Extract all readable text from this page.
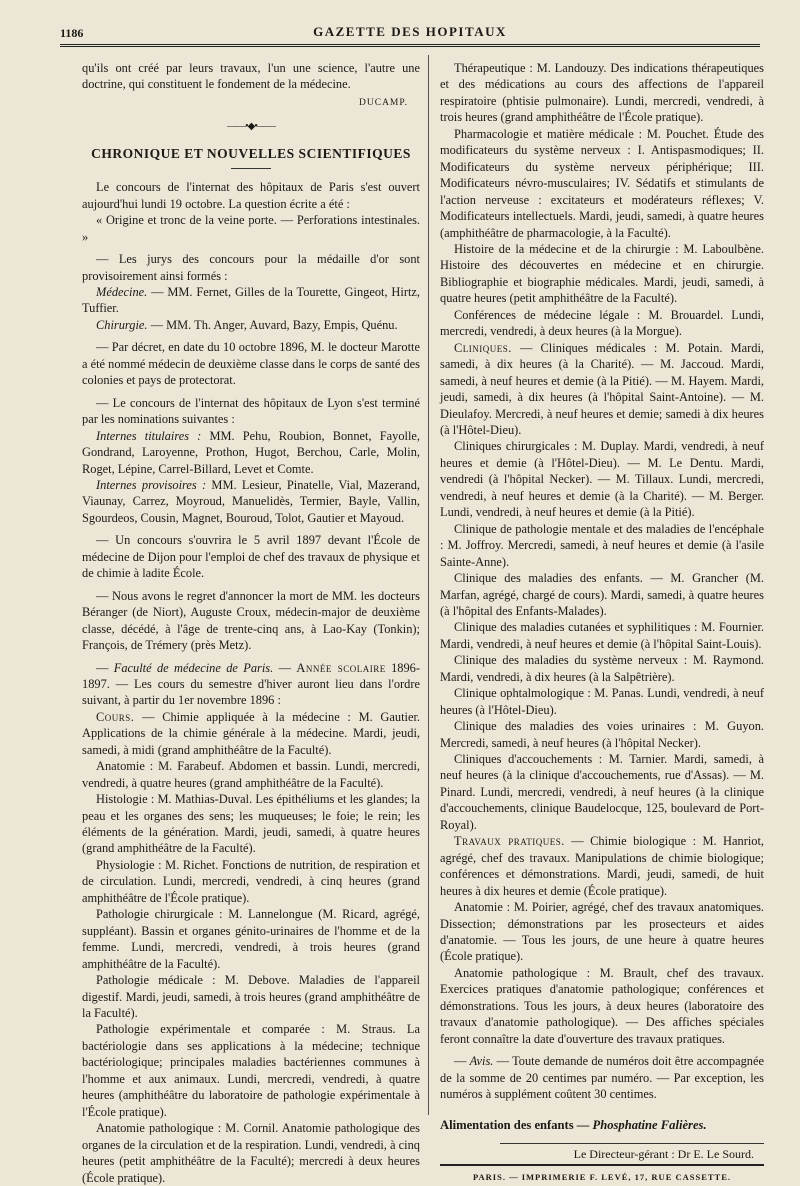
1186	GAZETTE DES HOPITAUX

qu'ils ont créé par leurs travaux, l'un une science, l'autre une doctrine, qui constituent le fondement de la médecine.

DUCAMP.
——•◆•——
CHRONIQUE ET NOUVELLES SCIENTIFIQUES

Le concours de l'internat des hôpitaux de Paris s'est ouvert aujourd'hui lundi 19 octobre. La question écrite a été :

« Origine et tronc de la veine porte. — Perforations intestinales. »

— Les jurys des concours pour la médaille d'or sont provisoirement ainsi formés :

Médecine. — MM. Fernet, Gilles de la Tourette, Gingeot, Hirtz, Tuffier.

Chirurgie. — MM. Th. Anger, Auvard, Bazy, Empis, Quénu.

— Par décret, en date du 10 octobre 1896, M. le docteur Marotte a été nommé médecin de deuxième classe dans le corps de santé des colonies et pays de protectorat.

— Le concours de l'internat des hôpitaux de Lyon s'est terminé par les nominations suivantes :

Internes titulaires : MM. Pehu, Roubion, Bonnet, Fayolle, Gondrand, Laroyenne, Prothon, Hugot, Berchou, Carle, Molin, Roget, Lépine, Carrel-Billard, Levet et Comte.

Internes provisoires : MM. Lesieur, Pinatelle, Vial, Mazerand, Viaunay, Carrez, Moyroud, Manuelidès, Termier, Bayle, Vallin, Sgourdeos, Cousin, Magnet, Bouroud, Tolot, Gautier et Mayoud.

— Un concours s'ouvrira le 5 avril 1897 devant l'École de médecine de Dijon pour l'emploi de chef des travaux de physique et de chimie à ladite École.

— Nous avons le regret d'annoncer la mort de MM. les docteurs Béranger (de Niort), Auguste Croux, médecin-major de deuxième classe, décédé, à l'âge de trente-cinq ans, à Lao-Kay (Tonkin); François, de Trémery (près Metz).

— Faculté de médecine de Paris. — Année scolaire 1896-1897. — Les cours du semestre d'hiver auront lieu dans l'ordre suivant, à partir du 1er novembre 1896 :

Cours. — Chimie appliquée à la médecine : M. Gautier. Applications de la chimie générale à la médecine. Mardi, jeudi, samedi, à midi (grand amphithéâtre de la Faculté).

Anatomie : M. Farabeuf. Abdomen et bassin. Lundi, mercredi, vendredi, à quatre heures (grand amphithéâtre de la Faculté).

Histologie : M. Mathias-Duval. Les épithéliums et les glandes; la peau et les organes des sens; les muqueuses; le foie; le rein; les éléments de la génération. Mardi, jeudi, samedi, à quatre heures (grand amphithéâtre de la Faculté).

Physiologie : M. Richet. Fonctions de nutrition, de respiration et de circulation. Lundi, mercredi, vendredi, à cinq heures (grand amphithéâtre de l'École pratique).

Pathologie chirurgicale : M. Lannelongue (M. Ricard, agrégé, suppléant). Bassin et organes génito-urinaires de l'homme et de la femme. Lundi, mercredi, vendredi, à trois heures (grand amphithéâtre de la Faculté).

Pathologie médicale : M. Debove. Maladies de l'appareil digestif. Mardi, jeudi, samedi, à trois heures (grand amphithéâtre de la Faculté).

Pathologie expérimentale et comparée : M. Straus. La bactériologie dans ses applications à la médecine; technique bactériologique; principales maladies bactériennes communes à l'homme et aux animaux. Lundi, mercredi, vendredi, à quatre heures (amphithéâtre du laboratoire de pathologie expérimentale à l'École pratique).

Anatomie pathologique : M. Cornil. Anatomie pathologique des organes de la circulation et de la respiration. Lundi, vendredi, à cinq heures (petit amphithéâtre de la Faculté); mercredi à deux heures (École pratique).

Thérapeutique : M. Landouzy. Des indications thérapeutiques et des médications au cours des affections de l'appareil respiratoire (phtisie pulmonaire). Lundi, mercredi, vendredi, à trois heures (grand amphithéâtre de l'École pratique).

Pharmacologie et matière médicale : M. Pouchet. Étude des modificateurs du système nerveux : I. Antispasmodiques; II. Modificateurs du système nerveux périphérique; III. Modificateurs névro-musculaires; IV. Sédatifs et stimulants de l'action nerveuse : excitateurs et modérateurs réflexes; V. Modificateurs intellectuels. Mardi, jeudi, samedi, à quatre heures (amphithéâtre de pharmacologie, à la Faculté).

Histoire de la médecine et de la chirurgie : M. Laboulbène. Histoire des découvertes en médecine et en chirurgie. Bibliographie et biographie médicales. Mardi, jeudi, samedi, à quatre heures (petit amphithéâtre de la Faculté).

Conférences de médecine légale : M. Brouardel. Lundi, mercredi, vendredi, à deux heures (à la Morgue).

Cliniques. — Cliniques médicales : M. Potain. Mardi, samedi, à dix heures (à la Charité). — M. Jaccoud. Mardi, samedi, à neuf heures et demie (à la Pitié). — M. Hayem. Mardi, jeudi, samedi, à dix heures (à l'hôpital Saint-Antoine). — M. Dieulafoy. Mercredi, à neuf heures et demie; samedi à dix heures (à l'Hôtel-Dieu).

Cliniques chirurgicales : M. Duplay. Mardi, vendredi, à neuf heures et demie (à l'Hôtel-Dieu). — M. Le Dentu. Mardi, vendredi (à l'hôpital Necker). — M. Tillaux. Lundi, mercredi, vendredi, à neuf heures et demie (à la Charité). — M. Berger. Lundi, vendredi, à neuf heures et demie (à la Pitié).

Clinique de pathologie mentale et des maladies de l'encéphale : M. Joffroy. Mercredi, samedi, à neuf heures et demie (à l'asile Sainte-Anne).

Clinique des maladies des enfants. — M. Grancher (M. Marfan, agrégé, chargé de cours). Mardi, samedi, à quatre heures (à l'hôpital des Enfants-Malades).

Clinique des maladies cutanées et syphilitiques : M. Fournier. Mardi, vendredi, à neuf heures et demie (à l'hôpital Saint-Louis).

Clinique des maladies du système nerveux : M. Raymond. Mardi, vendredi, à dix heures (à la Salpêtrière).

Clinique ophtalmologique : M. Panas. Lundi, vendredi, à neuf heures (à l'Hôtel-Dieu).

Clinique des maladies des voies urinaires : M. Guyon. Mercredi, samedi, à neuf heures (à l'hôpital Necker).

Cliniques d'accouchements : M. Tarnier. Mardi, samedi, à neuf heures (à la clinique d'accouchements, rue d'Assas). — M. Pinard. Lundi, mercredi, vendredi, à neuf heures (à la clinique d'accouchements, clinique Baudelocque, 125, boulevard de Port-Royal).

Travaux pratiques. — Chimie biologique : M. Hanriot, agrégé, chef des travaux. Manipulations de chimie biologique; conférences et démonstrations. Mardi, jeudi, samedi, de huit heures à dix heures et demie (École pratique).

Anatomie : M. Poirier, agrégé, chef des travaux anatomiques. Dissection; démonstrations par les prosecteurs et aides d'anatomie. — Tous les jours, de une heure à quatre heures (École pratique).

Anatomie pathologique : M. Brault, chef des travaux. Exercices pratiques d'anatomie pathologique; conférences et démonstrations. Tous les jours, à deux heures (laboratoire des travaux d'anatomie pathologique). — Des affiches spéciales feront connaître la date d'ouverture des travaux pratiques.

— Avis. — Toute demande de numéros doit être accompagnée de la somme de 20 centimes par numéro. — Par exception, les numéros à supplément coûtent 30 centimes.

Alimentation des enfants — Phosphatine Falières.

Le Directeur-gérant : Dr E. Le Sourd.
PARIS. — IMPRIMERIE F. LEVÉ, 17, RUE CASSETTE.
